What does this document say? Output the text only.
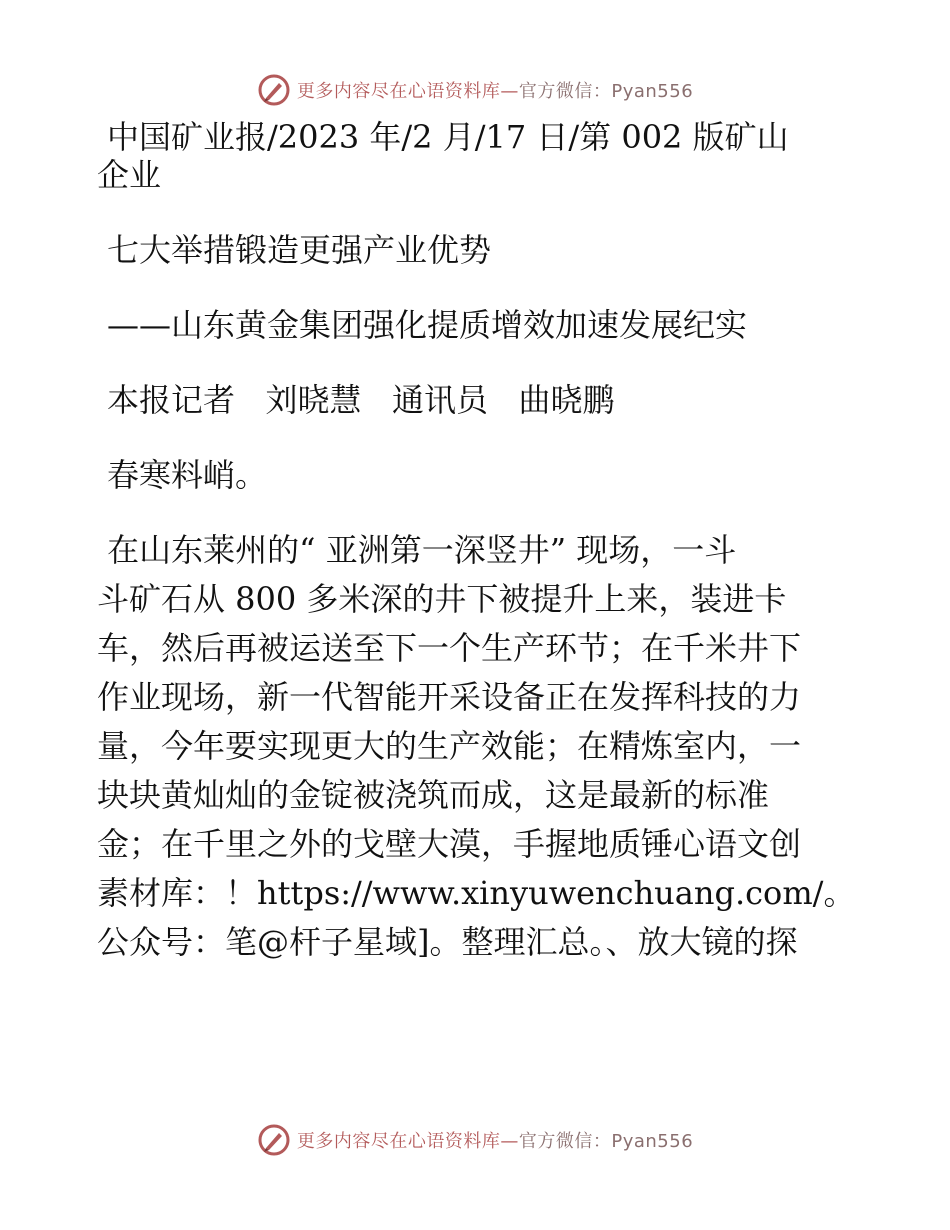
更多内容尽在心语资料库—官方微信：Pyan556
中国矿业报/2023 年/2 月/17 日/第 002 版矿山
企业
七大举措锻造更强产业优势
——山东黄金集团强化提质增效加速发展纪实
本报记者   刘晓慧   通讯员   曲晓鹏
春寒料峭。
在山东莱州的“ 亚洲第一深竖井” 现场，一斗
斗矿石从 800 多米深的井下被提升上来，装进卡
车，然后再被运送至下一个生产环节；在千米井下
作业现场，新一代智能开采设备正在发挥科技的力
量，今年要实现更大的生产效能；在精炼室内，一
块块黄灿灿的金锭被浇筑而成，这是最新的标准
金；在千里之外的戈壁大漠，手握地质锤心语文创
素材库：！https://www.xinyuwenchuang.com/。
公众号：笔@杆子星域]。整理汇总。、放大镜的探
更多内容尽在心语资料库—官方微信：Pyan556
